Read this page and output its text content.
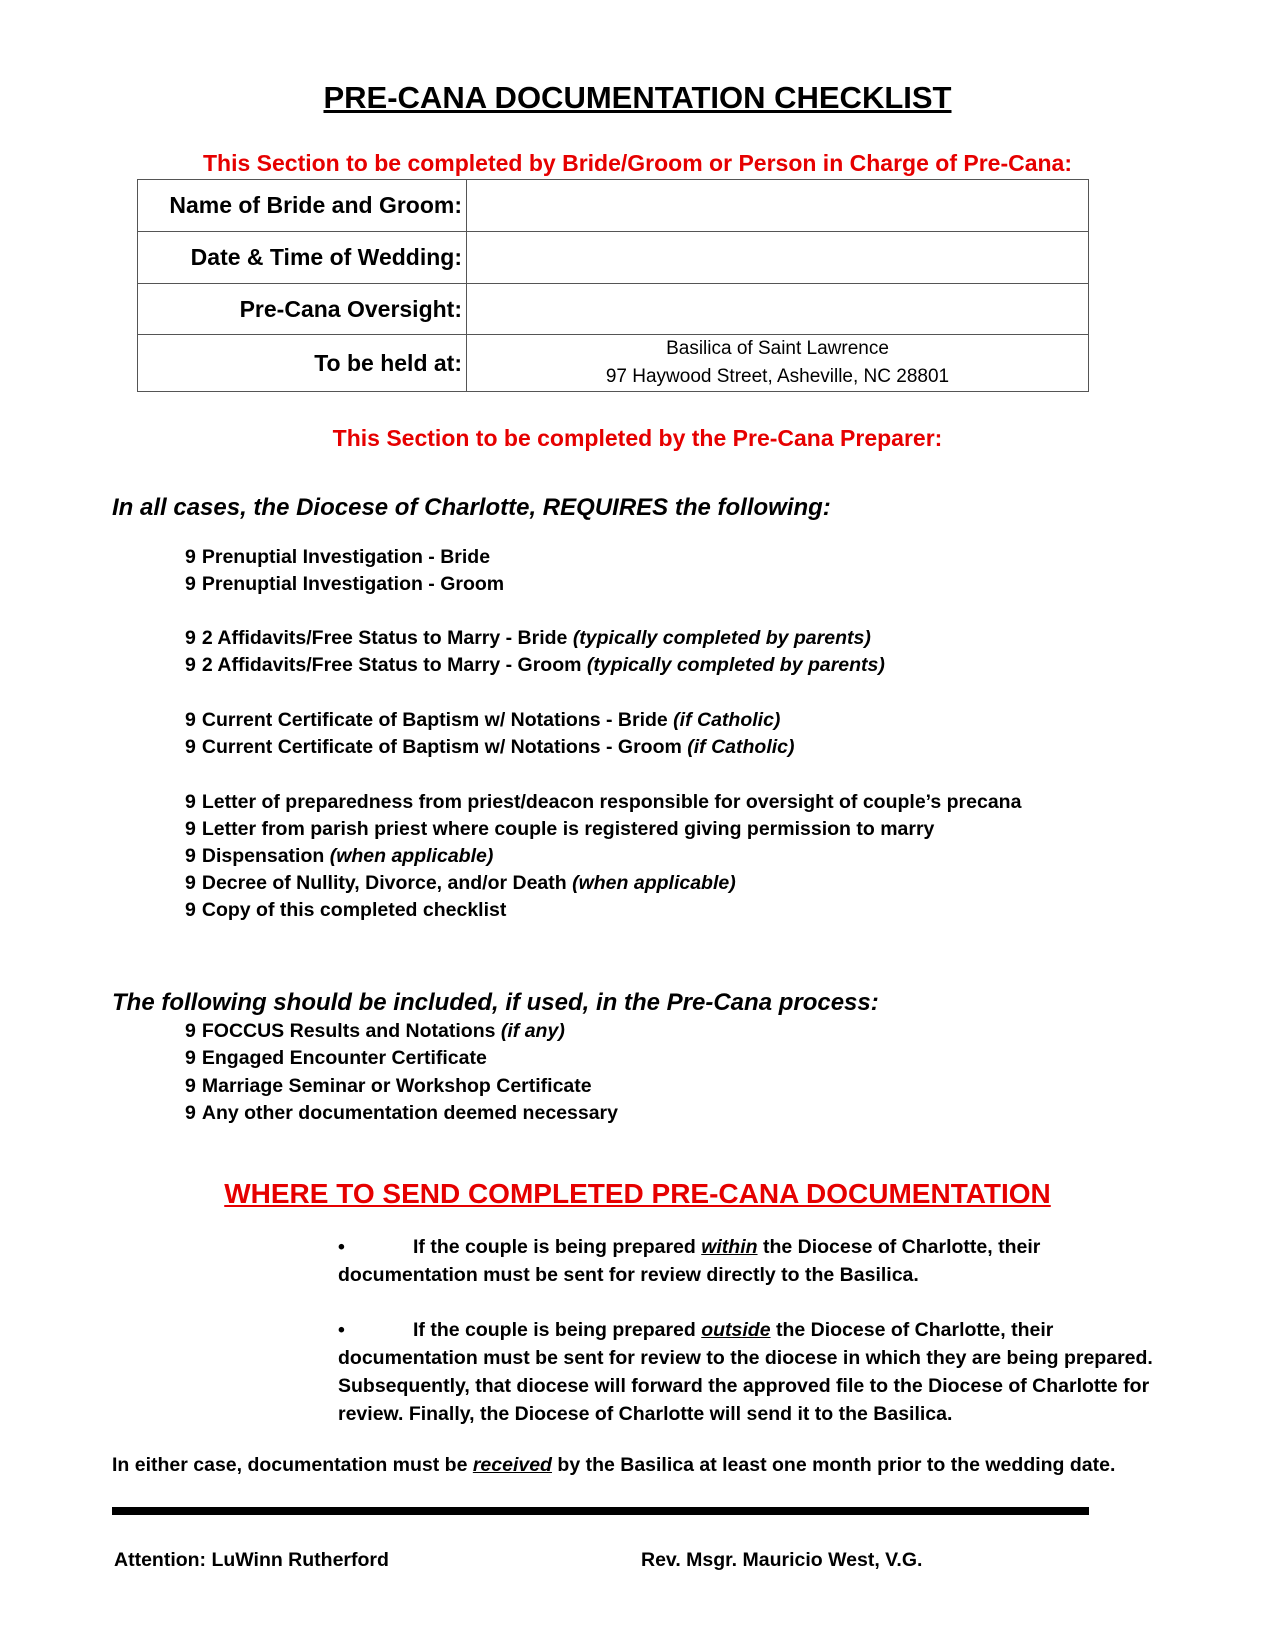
PRE-CANA DOCUMENTATION CHECKLIST
This Section to be completed by Bride/Groom or Person in Charge of Pre-Cana:
Name of Bride and Groom:	
Date & Time of Wedding:	
Pre-Cana Oversight:	
To be held at:	Basilica of Saint Lawrence
97 Haywood Street, Asheville, NC 28801
This Section to be completed by the Pre-Cana Preparer:
In all cases, the Diocese of Charlotte, REQUIRES the following:
9 Prenuptial Investigation - Bride
9 Prenuptial Investigation - Groom
9 2 Affidavits/Free Status to Marry - Bride (typically completed by parents)
9 2 Affidavits/Free Status to Marry - Groom (typically completed by parents)
9 Current Certificate of Baptism w/ Notations - Bride (if Catholic)
9 Current Certificate of Baptism w/ Notations - Groom (if Catholic)
9 Letter of preparedness from priest/deacon responsible for oversight of couple’s precana
9 Letter from parish priest where couple is registered giving permission to marry
9 Dispensation (when applicable)
9 Decree of Nullity, Divorce, and/or Death (when applicable)
9 Copy of this completed checklist
The following should be included, if used, in the Pre-Cana process:
9 FOCCUS Results and Notations (if any)
9 Engaged Encounter Certificate
9 Marriage Seminar or Workshop Certificate
9 Any other documentation deemed necessary
WHERE TO SEND COMPLETED PRE-CANA DOCUMENTATION
•	If the couple is being prepared within the Diocese of Charlotte, their documentation must be sent for review directly to the Basilica.
•	If the couple is being prepared outside the Diocese of Charlotte, their documentation must be sent for review to the diocese in which they are being prepared. Subsequently, that diocese will forward the approved file to the Diocese of Charlotte for review. Finally, the Diocese of Charlotte will send it to the Basilica.
In either case, documentation must be received by the Basilica at least one month prior to the wedding date.
Attention: LuWinn Rutherford	Rev. Msgr. Mauricio West, V.G.
